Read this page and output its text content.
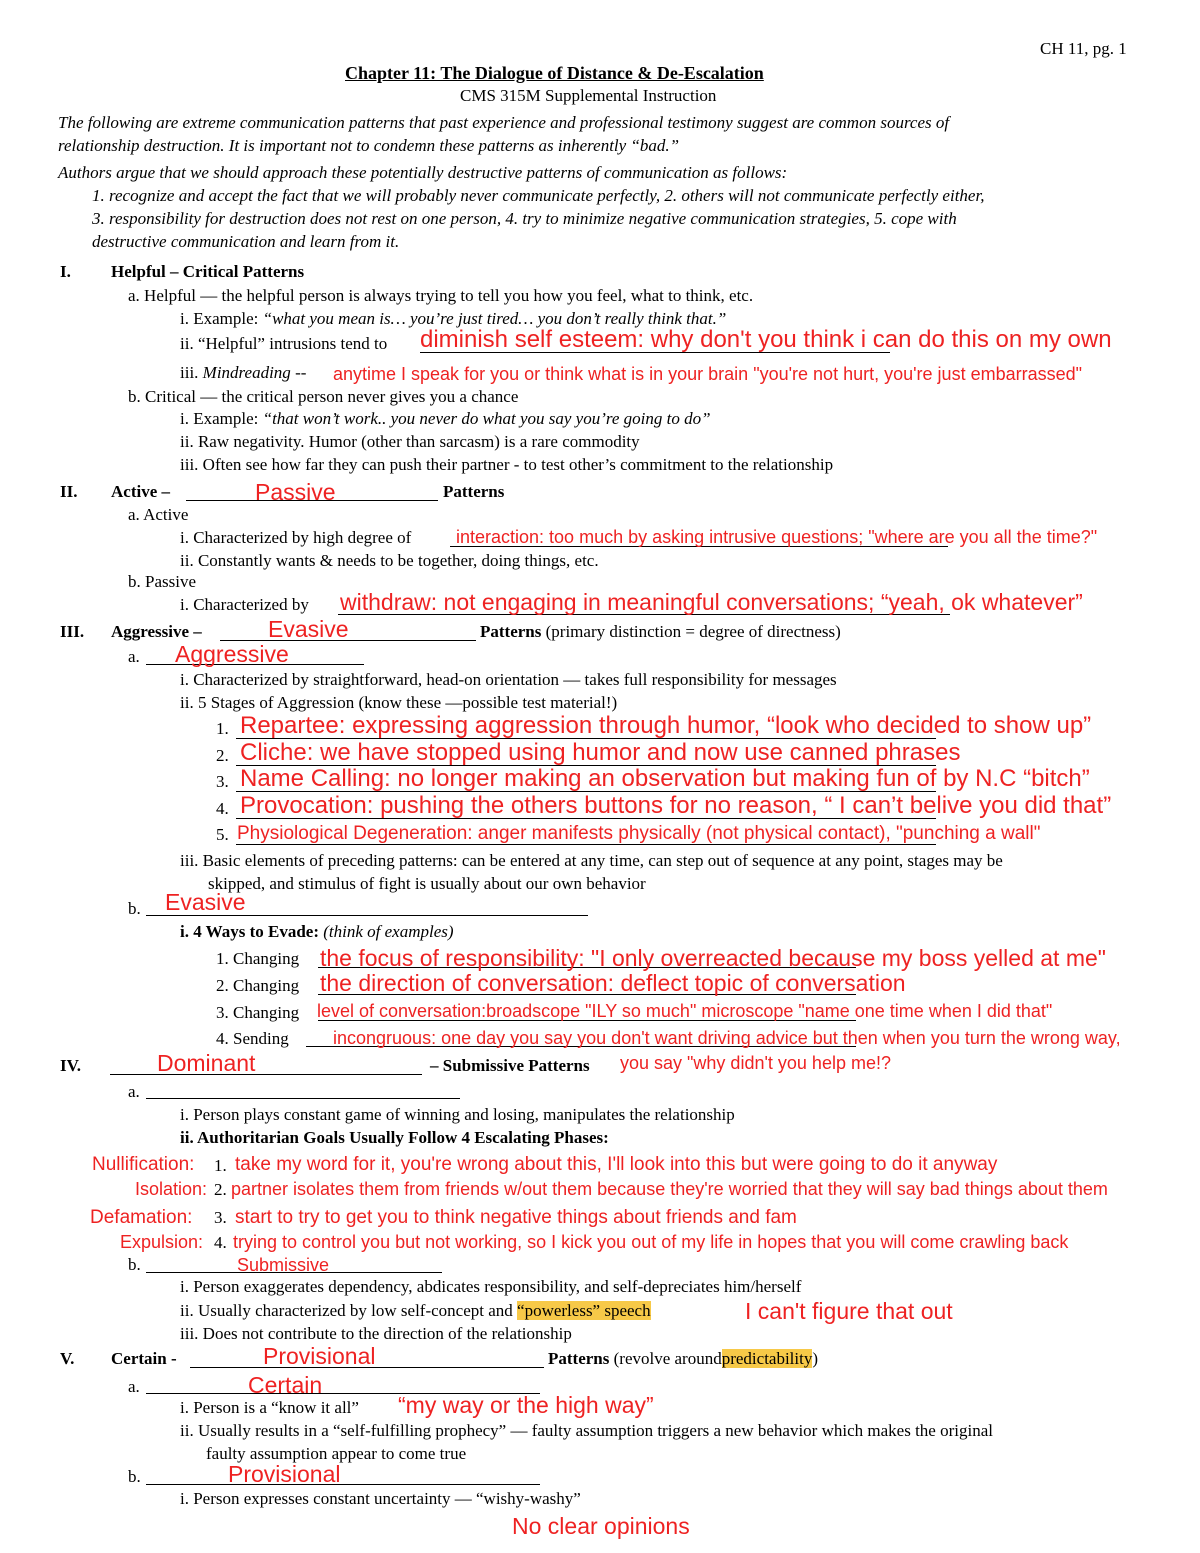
CH 11, pg. 1
Chapter 11: The Dialogue of Distance & De-Escalation
CMS 315M Supplemental Instruction
The following are extreme communication patterns that past experience and professional testimony suggest are common sources of
relationship destruction. It is important not to condemn these patterns as inherently “bad.”
Authors argue that we should approach these potentially destructive patterns of communication as follows:
1. recognize and accept the fact that we will probably never communicate perfectly, 2. others will not communicate perfectly either,
3. responsibility for destruction does not rest on one person, 4. try to minimize negative communication strategies, 5. cope with
destructive communication and learn from it.
I. Helpful – Critical Patterns
a. Helpful — the helpful person is always trying to tell you how you feel, what to think, etc.
i. Example: “what you mean is… you’re just tired… you don’t really think that.”
ii. “Helpful” intrusions tend to diminish self esteem: why don't you think i can do this on my own
iii. Mindreading -- anytime I speak for you or think what is in your brain "you're not hurt, you're just embarrassed"
b. Critical — the critical person never gives you a chance
i. Example: “that won’t work.. you never do what you say you’re going to do”
ii. Raw negativity. Humor (other than sarcasm) is a rare commodity
iii. Often see how far they can push their partner - to test other’s commitment to the relationship
II. Active –	Passive	Patterns
a. Active
i. Characterized by high degree of interaction: too much by asking intrusive questions; "where are you all the time?"
ii. Constantly wants & needs to be together, doing things, etc.
b. Passive
i. Characterized by withdraw: not engaging in meaningful conversations; “yeah, ok whatever”
III. Aggressive –	Evasive	Patterns (primary distinction = degree of directness)
a. Aggressive
i. Characterized by straightforward, head-on orientation — takes full responsibility for messages
ii. 5 Stages of Aggression (know these —possible test material!)
1. Repartee: expressing aggression through humor, “look who decided to show up”
2. Cliche: we have stopped using humor and now use canned phrases
3. Name Calling: no longer making an observation but making fun of by N.C “bitch”
4. Provocation: pushing the others buttons for no reason, “ I can’t belive you did that”
5. Physiological Degeneration: anger manifests physically (not physical contact), "punching a wall"
iii. Basic elements of preceding patterns: can be entered at any time, can step out of sequence at any point, stages may be
skipped, and stimulus of fight is usually about our own behavior
b. Evasive
i. 4 Ways to Evade: (think of examples)
1. Changing the focus of responsibility: "I only overreacted because my boss yelled at me"
2. Changing the direction of conversation: deflect topic of conversation
3. Changing level of conversation:broadscope "ILY so much" microscope "name one time when I did that"
4. Sending incongruous: one day you say you don't want driving advice but then when you turn the wrong way,
IV.	Dominant	– Submissive Patterns you say "why didn't you help me!?
a.
i. Person plays constant game of winning and losing, manipulates the relationship
ii. Authoritarian Goals Usually Follow 4 Escalating Phases:
Nullification: 1. take my word for it, you're wrong about this, I'll look into this but were going to do it anyway
Isolation: 2. partner isolates them from friends w/out them because they're worried that they will say bad things about them
Defamation: 3. start to try to get you to think negative things about friends and fam
Expulsion: 4. trying to control you but not working, so I kick you out of my life in hopes that you will come crawling back
b.	Submissive
i. Person exaggerates dependency, abdicates responsibility, and self-depreciates him/herself
ii. Usually characterized by low self-concept and “powerless” speech	I can't figure that out
iii. Does not contribute to the direction of the relationship
V. Certain -	Provisional	Patterns (revolve aroundpredictability)
a.	Certain
i. Person is a “know it all” “my way or the high way”
ii. Usually results in a “self-fulfilling prophecy” — faulty assumption triggers a new behavior which makes the original
faulty assumption appear to come true
b.	Provisional
i. Person expresses constant uncertainty — “wishy-washy”
No clear opinions
